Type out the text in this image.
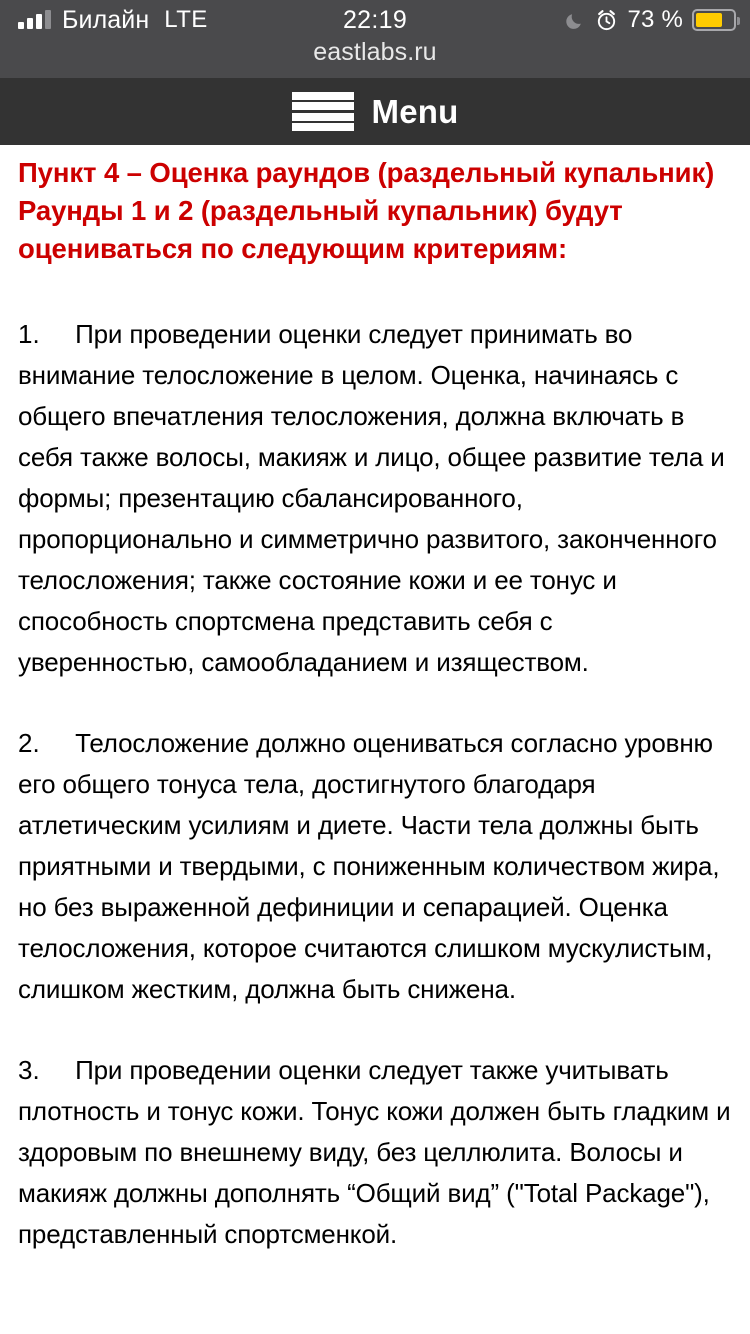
Билайн LTE	22:19	73 %
eastlabs.ru
Menu

Пункт 4 – Оценка раундов (раздельный купальник)

Раунды 1 и 2 (раздельный купальник) будут оцениваться по следующим критериям:

1. При проведении оценки следует принимать во внимание телосложение в целом. Оценка, начинаясь с общего впечатления телосложения, должна включать в себя также волосы, макияж и лицо, общее развитие тела и формы; презентацию сбалансированного, пропорционально и симметрично развитого, законченного телосложения; также состояние кожи и ее тонус и способность спортсмена представить себя с уверенностью, самообладанием и изяществом.

2. Телосложение должно оцениваться согласно уровню его общего тонуса тела, достигнутого благодаря атлетическим усилиям и диете. Части тела должны быть приятными и твердыми, с пониженным количеством жира, но без выраженной дефиниции и сепарацией. Оценка телосложения, которое считаются слишком мускулистым, слишком жестким, должна быть снижена.

3. При проведении оценки следует также учитывать плотность и тонус кожи. Тонус кожи должен быть гладким и здоровым по внешнему виду, без целлюлита. Волосы и макияж должны дополнять “Общий вид” ("Total Package"), представленный спортсменкой.
